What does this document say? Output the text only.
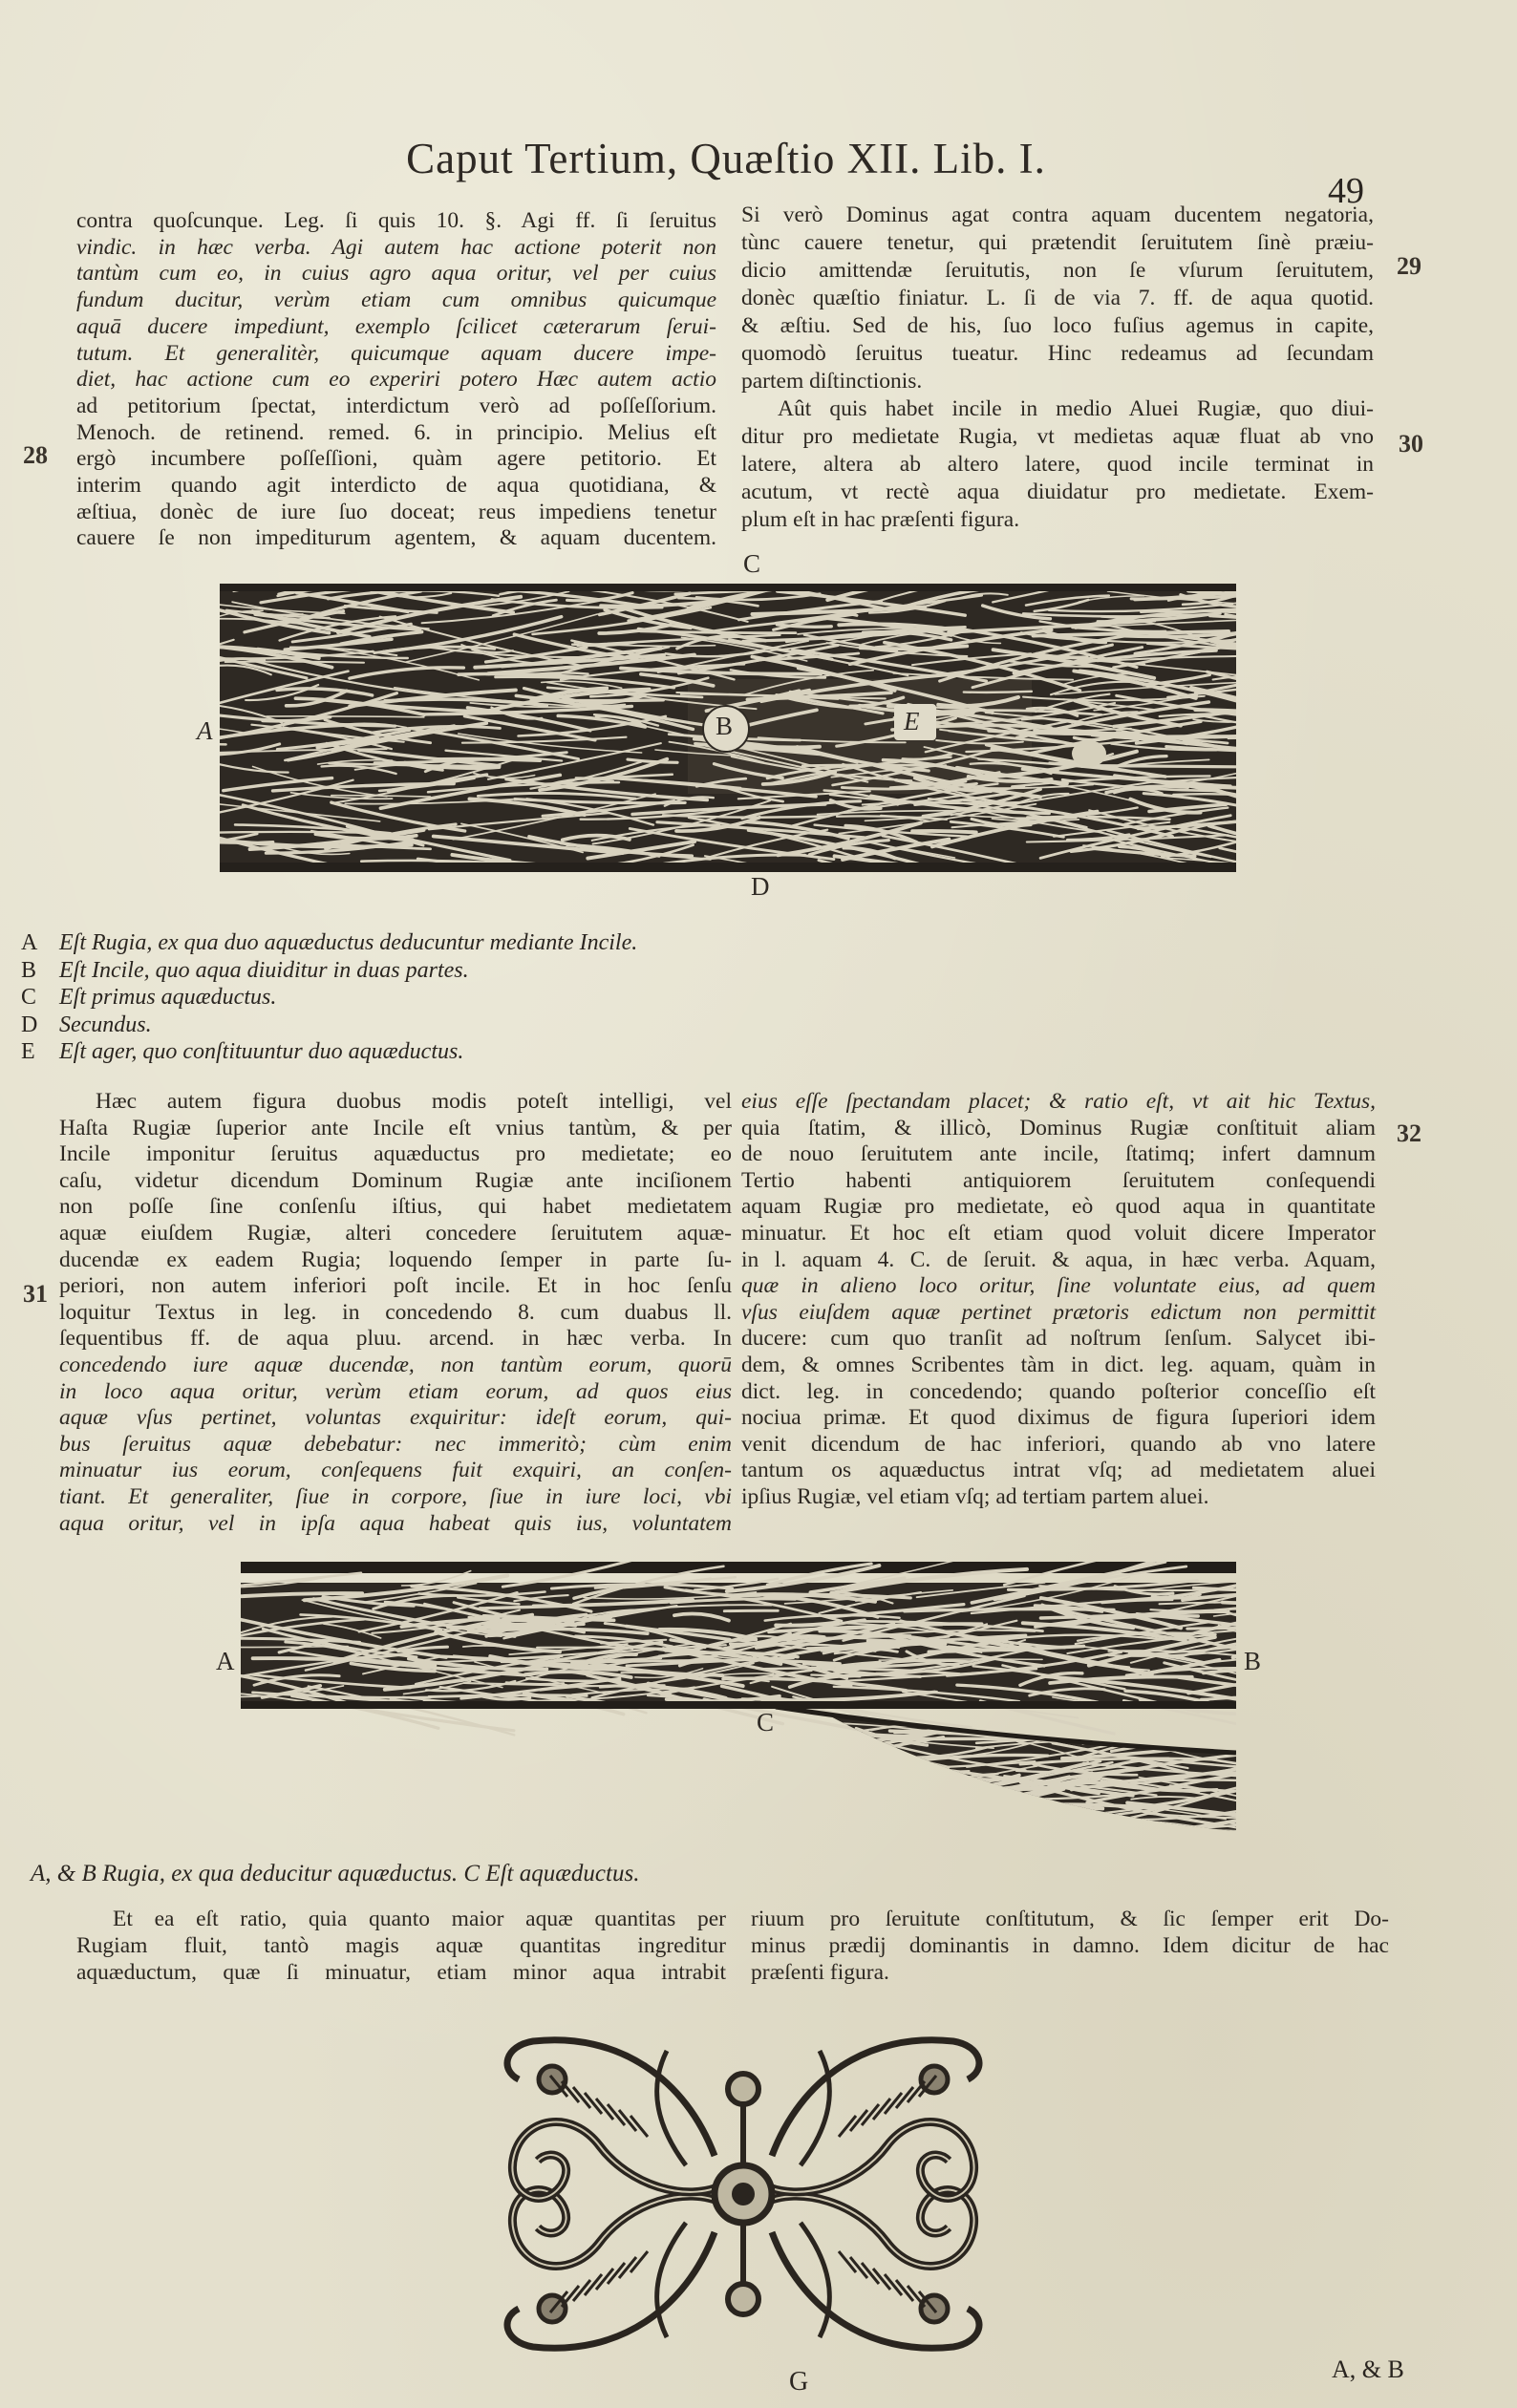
Caput Tertium, Quæſtio XII. Lib. I.
49
28
29
30
31
32
contra quoſcunque. Leg. ſi quis 10. §. Agi ff. ſi ſeruitus
vindic. in hæc verba. Agi autem hac actione poterit non
tantùm cum eo, in cuius agro aqua oritur, vel per cuius
fundum ducitur, verùm etiam cum omnibus quicumque
aquā ducere impediunt, exemplo ſcilicet cæterarum ſerui-
tutum. Et generalitèr, quicumque aquam ducere impe-
diet, hac actione cum eo experiri potero Hæc autem actio
ad petitorium ſpectat, interdictum verò ad poſſeſſorium.
Menoch. de retinend. remed. 6. in principio. Melius eſt
ergò incumbere poſſeſſioni, quàm agere petitorio. Et
interim quando agit interdicto de aqua quotidiana, &
æſtiua, donèc de iure ſuo doceat; reus impediens tenetur
cauere ſe non impediturum agentem, & aquam ducentem.
Si verò Dominus agat contra aquam ducentem negatoria,
tùnc cauere tenetur, qui prætendit ſeruitutem ſinè præiu-
dicio amittendæ ſeruitutis, non ſe vſurum ſeruitutem,
donèc quæſtio finiatur. L. ſi de via 7. ff. de aqua quotid.
& æſtiu. Sed de his, ſuo loco fuſius agemus in capite,
quomodò ſeruitus tueatur. Hinc redeamus ad ſecundam
partem diſtinctionis.
Aût quis habet incile in medio Aluei Rugiæ, quo diui-
ditur pro medietate Rugia, vt medietas aquæ fluat ab vno
latere, altera ab altero latere, quod incile terminat in
acutum, vt rectè aqua diuidatur pro medietate. Exem-
plum eſt in hac præſenti figura.
Hæc autem figura duobus modis poteſt intelligi, vel
Haſta Rugiæ ſuperior ante Incile eſt vnius tantùm, & per
Incile imponitur ſeruitus aquæductus pro medietate; eo
caſu, videtur dicendum Dominum Rugiæ ante inciſionem
non poſſe ſine conſenſu iſtius, qui habet medietatem
aquæ eiuſdem Rugiæ, alteri concedere ſeruitutem aquæ-
ducendæ ex eadem Rugia; loquendo ſemper in parte ſu-
periori, non autem inferiori poſt incile. Et in hoc ſenſu
loquitur Textus in leg. in concedendo 8. cum duabus ll.
ſequentibus ff. de aqua pluu. arcend. in hæc verba. In
concedendo iure aquæ ducendæ, non tantùm eorum, quorū
in loco aqua oritur, verùm etiam eorum, ad quos eius
aquæ vſus pertinet, voluntas exquiritur: ideſt eorum, qui-
bus ſeruitus aquæ debebatur: nec immeritò; cùm enim
minuatur ius eorum, conſequens fuit exquiri, an conſen-
tiant. Et generaliter, ſiue in corpore, ſiue in iure loci, vbi
aqua oritur, vel in ipſa aqua habeat quis ius, voluntatem
eius eſſe ſpectandam placet; & ratio eſt, vt ait hic Textus,
quia ſtatim, & illicò, Dominus Rugiæ conſtituit aliam
de nouo ſeruitutem ante incile, ſtatimq; infert damnum
Tertio habenti antiquiorem ſeruitutem conſequendi
aquam Rugiæ pro medietate, eò quod aqua in quantitate
minuatur. Et hoc eſt etiam quod voluit dicere Imperator
in l. aquam 4. C. de ſeruit. & aqua, in hæc verba. Aquam,
quæ in alieno loco oritur, ſine voluntate eius, ad quem
vſus eiuſdem aquæ pertinet prætoris edictum non permittit
ducere: cum quo tranſit ad noſtrum ſenſum. Salycet ibi-
dem, & omnes Scribentes tàm in dict. leg. aquam, quàm in
dict. leg. in concedendo; quando poſterior conceſſio eſt
nociua primæ. Et quod diximus de figura ſuperiori idem
venit dicendum de hac inferiori, quando ab vno latere
tantum os aquæductus intrat vſq; ad medietatem aluei
ipſius Rugiæ, vel etiam vſq; ad tertiam partem aluei.
Et ea eſt ratio, quia quanto maior aquæ quantitas per
Rugiam fluit, tantò magis aquæ quantitas ingreditur
aquæductum, quæ ſi minuatur, etiam minor aqua intrabit
riuum pro ſeruitute conſtitutum, & ſic ſemper erit Do-
minus prædij dominantis in damno. Idem dicitur de hac
præſenti figura.
C
A	B	E
D
A Eſt Rugia, ex qua duo aquæductus deducuntur mediante Incile.
B Eſt Incile, quo aqua diuiditur in duas partes.
C Eſt primus aquæductus.
D Secundus.
E Eſt ager, quo conſtituuntur duo aquæductus.
A	B
C
A, & B Rugia, ex qua deducitur aquæductus. C Eſt aquæductus.
G	A, & B
